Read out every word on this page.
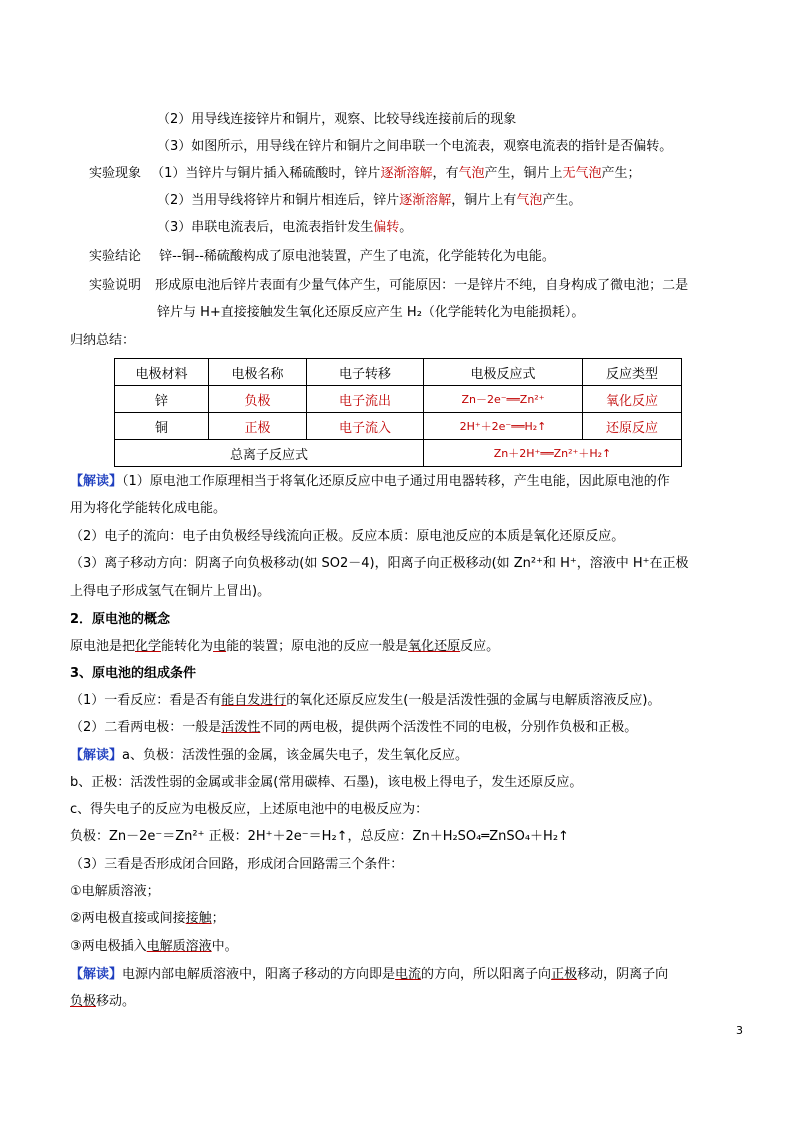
（2）用导线连接锌片和铜片，观察、比较导线连接前后的现象
（3）如图所示，用导线在锌片和铜片之间串联一个电流表，观察电流表的指针是否偏转。
实验现象 （1）当锌片与铜片插入稀硫酸时，锌片逐渐溶解，有气泡产生，铜片上无气泡产生；
（2）当用导线将锌片和铜片相连后，锌片逐渐溶解，铜片上有气泡产生。
（3）串联电流表后，电流表指针发生偏转。
实验结论 锌--铜--稀硫酸构成了原电池装置，产生了电流，化学能转化为电能。
实验说明 形成原电池后锌片表面有少量气体产生，可能原因：一是锌片不纯，自身构成了微电池；二是
锌片与 H+直接接触发生氧化还原反应产生 H₂（化学能转化为电能损耗）。
归纳总结：
电极材料	电极名称	电子转移	电极反应式	反应类型
锌	负极	电子流出	Zn－2e⁻══Zn²⁺	氧化反应
铜	正极	电子流入	2H⁺＋2e⁻══H₂↑	还原反应
总离子反应式			Zn＋2H⁺══Zn²⁺＋H₂↑	
【解读】（1）原电池工作原理相当于将氧化还原反应中电子通过用电器转移，产生电能，因此原电池的作
用为将化学能转化成电能。
（2）电子的流向：电子由负极经导线流向正极。反应本质：原电池反应的本质是氧化还原反应。
（3）离子移动方向：阴离子向负极移动(如 SO2－4)，阳离子向正极移动(如 Zn²⁺和 H⁺，溶液中 H⁺在正极
上得电子形成氢气在铜片上冒出)。
2．原电池的概念
原电池是把化学能转化为电能的装置；原电池的反应一般是氧化还原反应。
3、原电池的组成条件
（1）一看反应：看是否有能自发进行的氧化还原反应发生(一般是活泼性强的金属与电解质溶液反应)。
（2）二看两电极：一般是活泼性不同的两电极，提供两个活泼性不同的电极，分别作负极和正极。
【解读】a、负极：活泼性强的金属，该金属失电子，发生氧化反应。
b、正极：活泼性弱的金属或非金属(常用碳棒、石墨)，该电极上得电子，发生还原反应。
c、得失电子的反应为电极反应，上述原电池中的电极反应为：
负极：Zn－2e⁻＝Zn²⁺ 正极：2H⁺＋2e⁻＝H₂↑，总反应：Zn＋H₂SO₄═ZnSO₄＋H₂↑
（3）三看是否形成闭合回路，形成闭合回路需三个条件：
①电解质溶液；
②两电极直接或间接接触；
③两电极插入电解质溶液中。
【解读】电源内部电解质溶液中，阳离子移动的方向即是电流的方向，所以阳离子向正极移动，阴离子向
负极移动。
3
